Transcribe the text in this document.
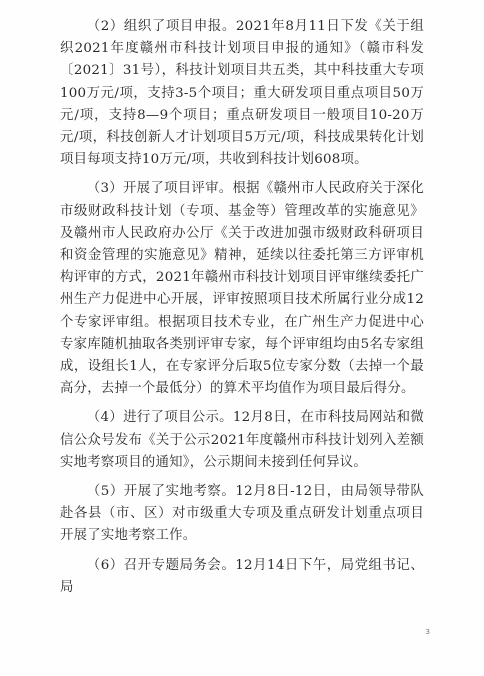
（2）组织了项目申报。2021年8月11日下发《关于组织2021年度赣州市科技计划项目申报的通知》（赣市科发〔2021〕31号），科技计划项目共五类，其中科技重大专项100万元/项，支持3-5个项目；重大研发项目重点项目50万元/项，支持8—9个项目；重点研发项目一般项目10-20万元/项，科技创新人才计划项目5万元/项，科技成果转化计划项目每项支持10万元/项，共收到科技计划608项。

（3）开展了项目评审。根据《赣州市人民政府关于深化市级财政科技计划（专项、基金等）管理改革的实施意见》及赣州市人民政府办公厅《关于改进加强市级财政科研项目和资金管理的实施意见》精神，延续以往委托第三方评审机构评审的方式，2021年赣州市科技计划项目评审继续委托广州生产力促进中心开展，评审按照项目技术所属行业分成12个专家评审组。根据项目技术专业，在广州生产力促进中心专家库随机抽取各类别评审专家，每个评审组均由5名专家组成，设组长1人，在专家评分后取5位专家分数（去掉一个最高分，去掉一个最低分）的算术平均值作为项目最后得分。

（4）进行了项目公示。12月8日，在市科技局网站和微信公众号发布《关于公示2021年度赣州市科技计划列入差额实地考察项目的通知》，公示期间未接到任何异议。

（5）开展了实地考察。12月8日-12日，由局领导带队赴各县（市、区）对市级重大专项及重点研发计划重点项目开展了实地考察工作。

（6）召开专题局务会。12月14日下午，局党组书记、局

3
